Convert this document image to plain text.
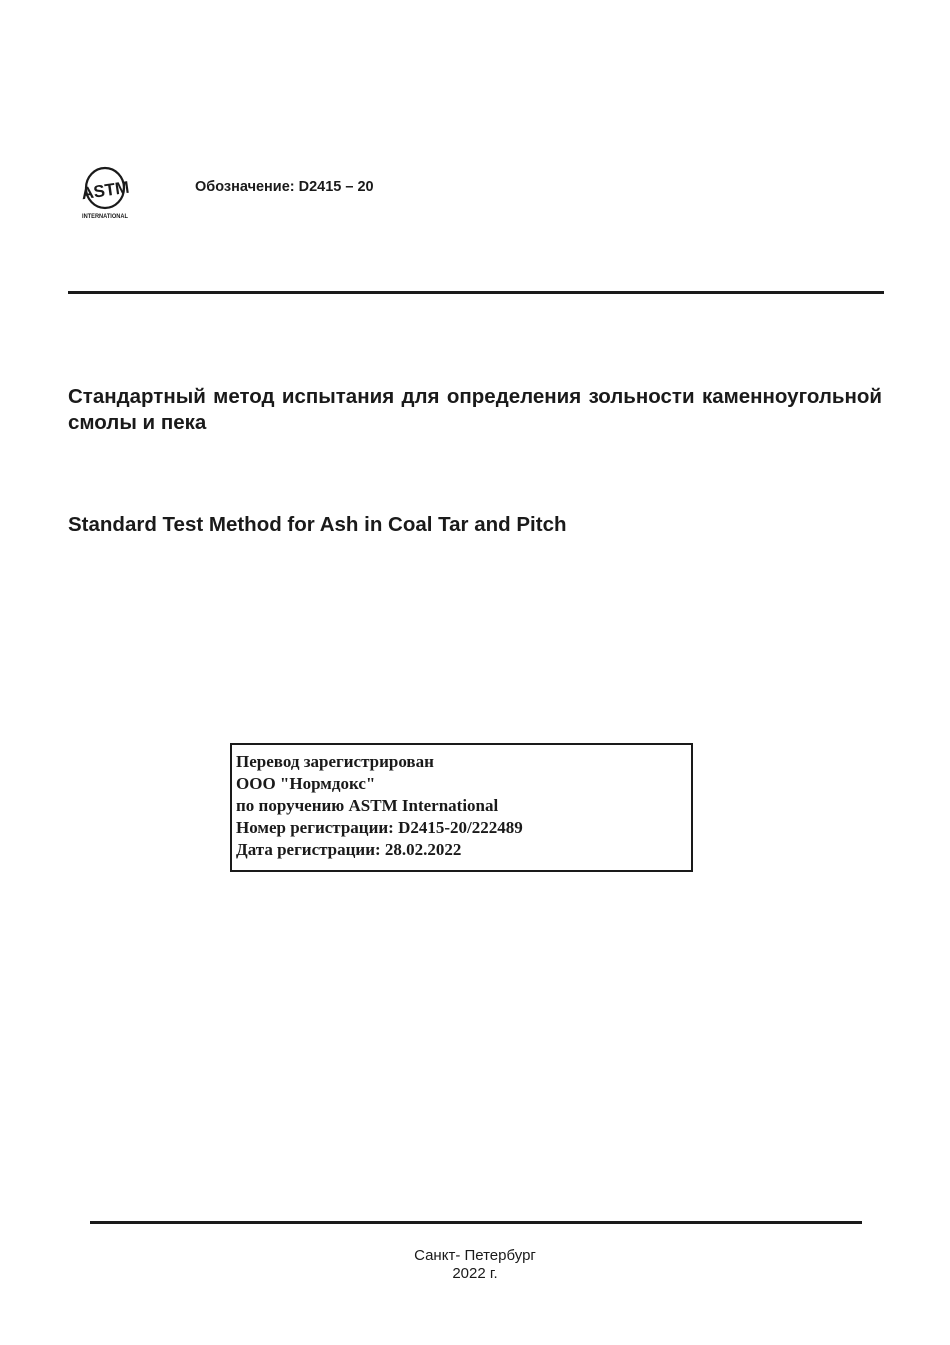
ASTM
INTERNATIONAL
Обозначение: D2415 – 20
Стандартный метод испытания для определения зольности каменноугольной смолы и пека
Standard Test Method for Ash in Coal Tar and Pitch
Перевод зарегистрирован
ООО "Нормдокс"
по поручению ASTM International
Номер регистрации: D2415-20/222489
Дата регистрации: 28.02.2022
Санкт- Петербург
2022 г.
